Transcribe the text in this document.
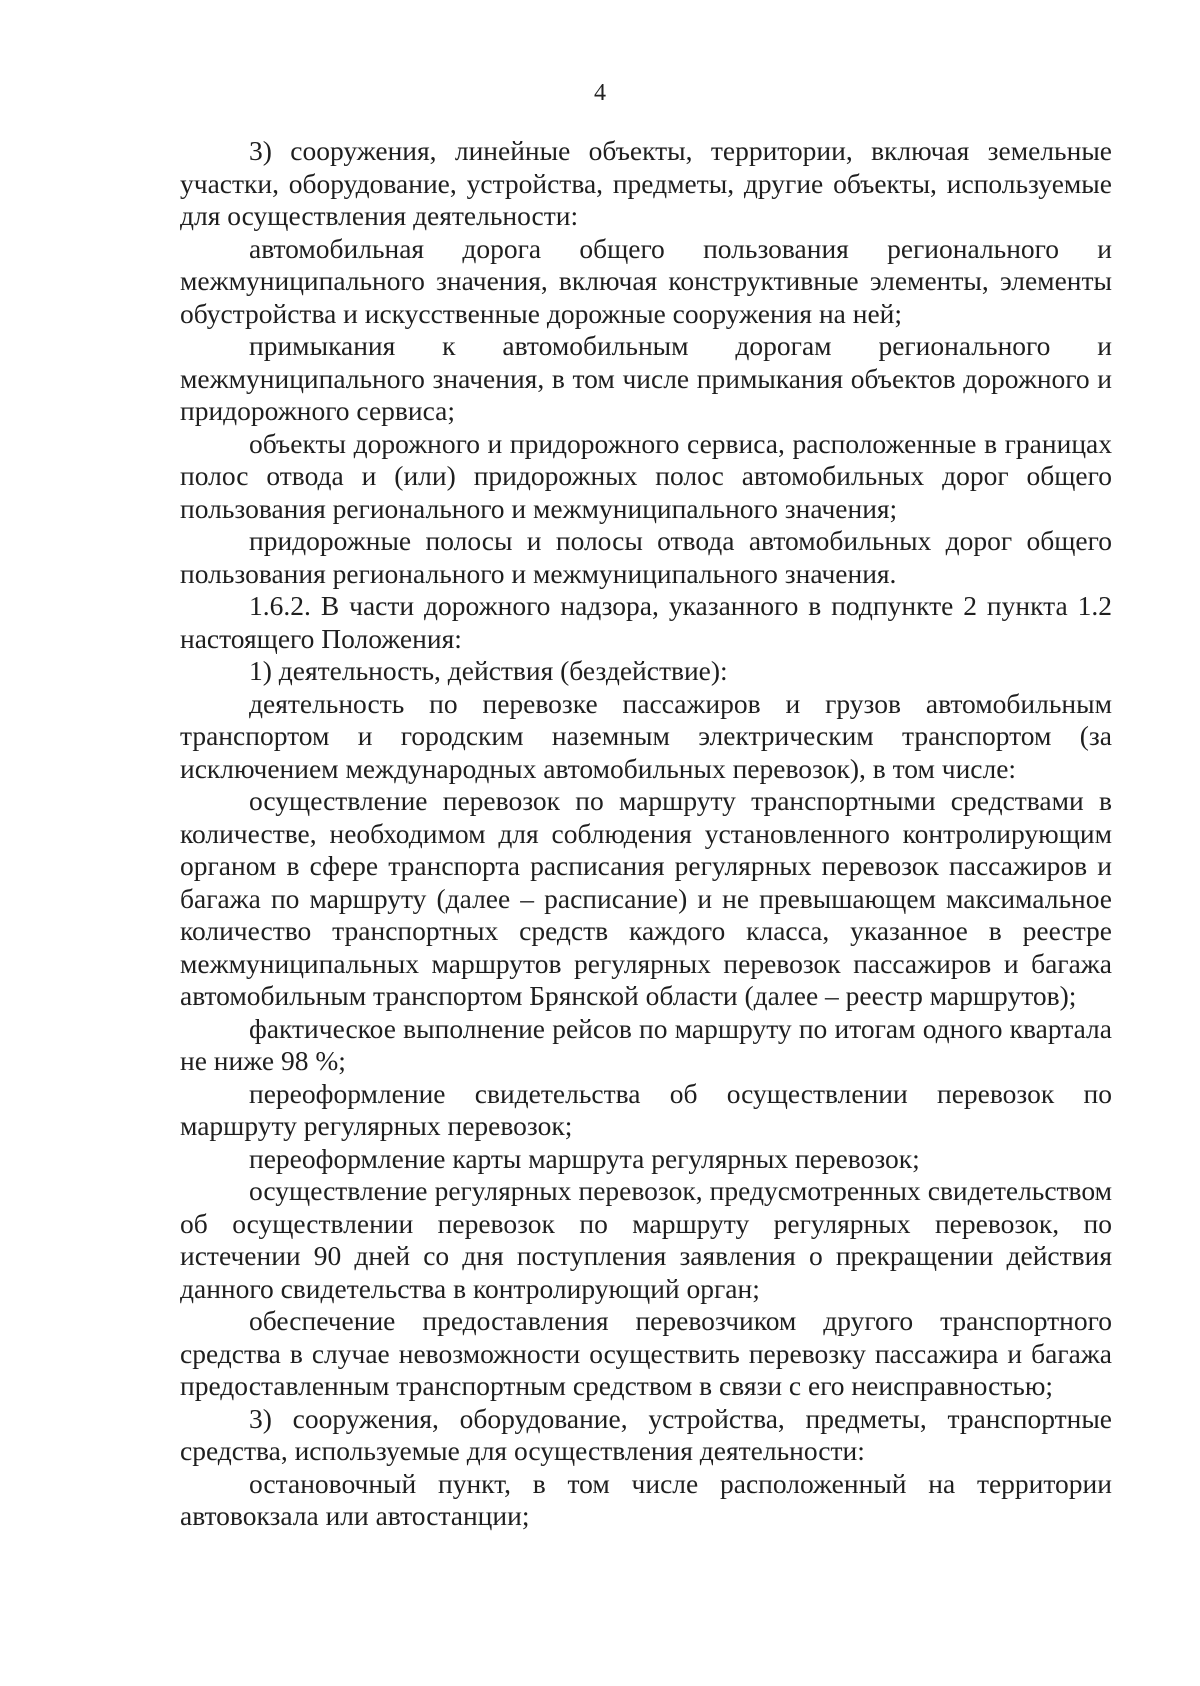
4

3) сооружения, линейные объекты, территории, включая земельные участки, оборудование, устройства, предметы, другие объекты, используемые для осуществления деятельности:

автомобильная дорога общего пользования регионального и межмуниципального значения, включая конструктивные элементы, элементы обустройства и искусственные дорожные сооружения на ней;

примыкания к автомобильным дорогам регионального и межмуниципального значения, в том числе примыкания объектов дорожного и придорожного сервиса;

объекты дорожного и придорожного сервиса, расположенные в границах полос отвода и (или) придорожных полос автомобильных дорог общего пользования регионального и межмуниципального значения;

придорожные полосы и полосы отвода автомобильных дорог общего пользования регионального и межмуниципального значения.

1.6.2. В части дорожного надзора, указанного в подпункте 2 пункта 1.2 настоящего Положения:

1) деятельность, действия (бездействие):

деятельность по перевозке пассажиров и грузов автомобильным транспортом и городским наземным электрическим транспортом (за исключением международных автомобильных перевозок), в том числе:

осуществление перевозок по маршруту транспортными средствами в количестве, необходимом для соблюдения установленного контролирующим органом в сфере транспорта расписания регулярных перевозок пассажиров и багажа по маршруту (далее – расписание) и не превышающем максимальное количество транспортных средств каждого класса, указанное в реестре межмуниципальных маршрутов регулярных перевозок пассажиров и багажа автомобильным транспортом Брянской области (далее – реестр маршрутов);

фактическое выполнение рейсов по маршруту по итогам одного квартала не ниже 98 %;

переоформление свидетельства об осуществлении перевозок по маршруту регулярных перевозок;

переоформление карты маршрута регулярных перевозок;

осуществление регулярных перевозок, предусмотренных свидетельством об осуществлении перевозок по маршруту регулярных перевозок, по истечении 90 дней со дня поступления заявления о прекращении действия данного свидетельства в контролирующий орган;

обеспечение предоставления перевозчиком другого транспортного средства в случае невозможности осуществить перевозку пассажира и багажа предоставленным транспортным средством в связи с его неисправностью;

3) сооружения, оборудование, устройства, предметы, транспортные средства, используемые для осуществления деятельности:

остановочный пункт, в том числе расположенный на территории автовокзала или автостанции;
